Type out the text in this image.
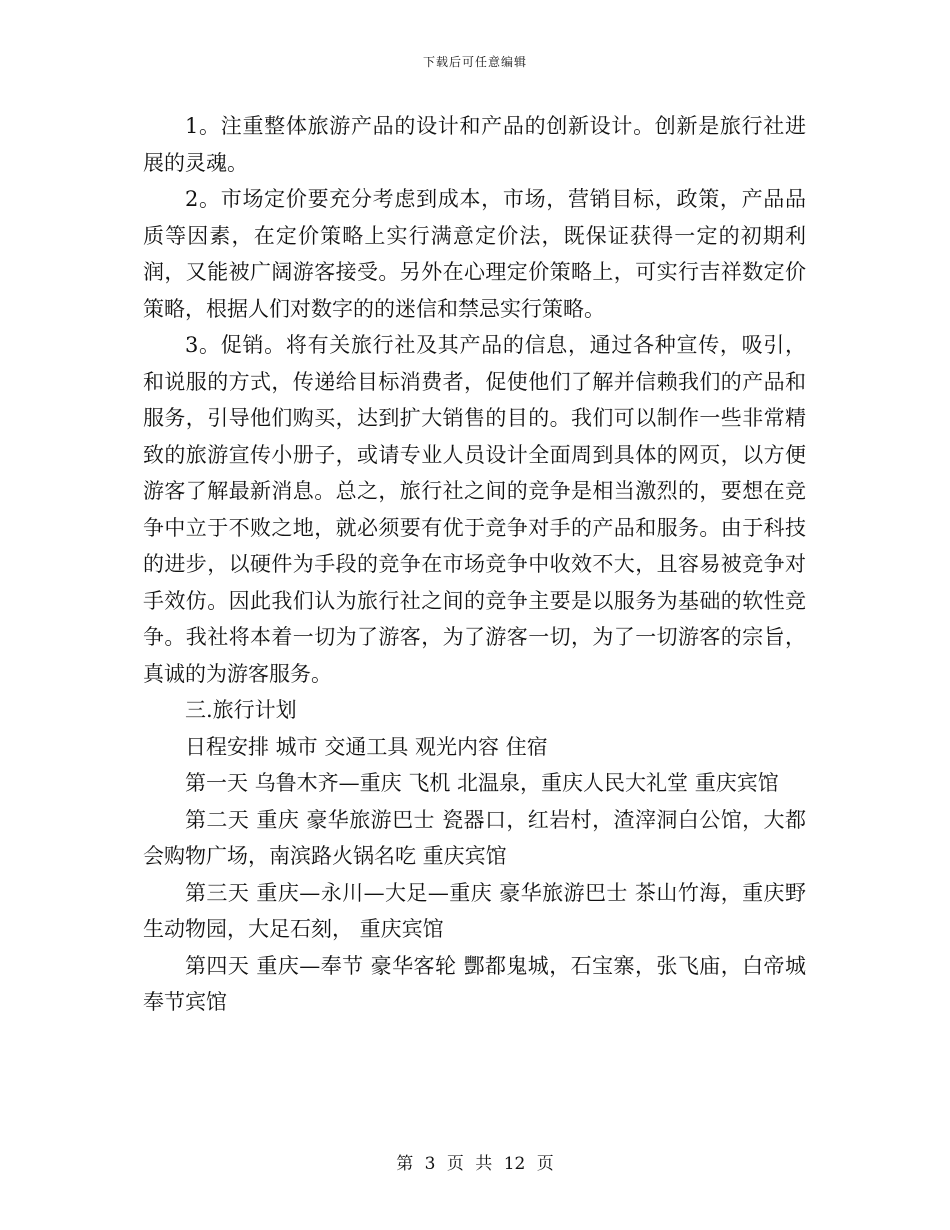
下载后可任意编辑

1。注重整体旅游产品的设计和产品的创新设计。创新是旅行社进展的灵魂。

2。市场定价要充分考虑到成本，市场，营销目标，政策，产品品质等因素，在定价策略上实行满意定价法，既保证获得一定的初期利润，又能被广阔游客接受。另外在心理定价策略上，可实行吉祥数定价策略，根据人们对数字的的迷信和禁忌实行策略。

3。促销。将有关旅行社及其产品的信息，通过各种宣传，吸引，和说服的方式，传递给目标消费者，促使他们了解并信赖我们的产品和服务，引导他们购买，达到扩大销售的目的。我们可以制作一些非常精致的旅游宣传小册子，或请专业人员设计全面周到具体的网页，以方便游客了解最新消息。总之，旅行社之间的竞争是相当激烈的，要想在竞争中立于不败之地，就必须要有优于竞争对手的产品和服务。由于科技的进步，以硬件为手段的竞争在市场竞争中收效不大，且容易被竞争对手效仿。因此我们认为旅行社之间的竞争主要是以服务为基础的软性竞争。我社将本着一切为了游客，为了游客一切，为了一切游客的宗旨，真诚的为游客服务。

三.旅行计划

日程安排 城市 交通工具 观光内容 住宿

第一天 乌鲁木齐—重庆 飞机 北温泉，重庆人民大礼堂 重庆宾馆

第二天 重庆 豪华旅游巴士 瓷器口，红岩村，渣滓洞白公馆，大都会购物广场，南滨路火锅名吃 重庆宾馆

第三天 重庆—永川—大足—重庆 豪华旅游巴士 茶山竹海，重庆野生动物园，大足石刻， 重庆宾馆

第四天 重庆—奉节 豪华客轮 酆都鬼城，石宝寨，张飞庙，白帝城 奉节宾馆

第 3 页 共 12 页
